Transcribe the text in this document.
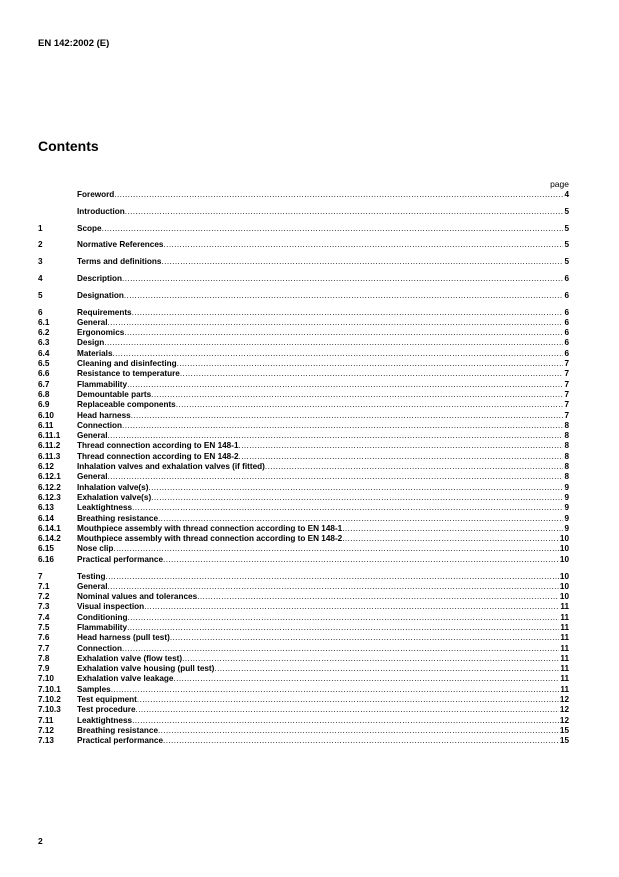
EN 142:2002 (E)
Contents
page
Foreword .....	4
Introduction .....	5
1	Scope .....	5
2	Normative References .....	5
3	Terms and definitions .....	5
4	Description .....	6
5	Designation .....	6
6	Requirements .....	6
6.1	General .....	6
6.2	Ergonomics .....	6
6.3	Design .....	6
6.4	Materials .....	6
6.5	Cleaning and disinfecting .....	7
6.6	Resistance to temperature .....	7
6.7	Flammability .....	7
6.8	Demountable parts .....	7
6.9	Replaceable components .....	7
6.10	Head harness .....	7
6.11	Connection .....	8
6.11.1	General .....	8
6.11.2	Thread connection according to EN 148-1 .....	8
6.11.3	Thread connection according to EN 148-2 .....	8
6.12	Inhalation valves and exhalation valves (if fitted) .....	8
6.12.1	General .....	8
6.12.2	Inhalation valve(s) .....	9
6.12.3	Exhalation valve(s) .....	9
6.13	Leaktightness .....	9
6.14	Breathing resistance .....	9
6.14.1	Mouthpiece assembly with thread connection according to EN 148-1 .....	9
6.14.2	Mouthpiece assembly with thread connection according to EN 148-2 .....	10
6.15	Nose clip .....	10
6.16	Practical performance .....	10
7	Testing .....	10
7.1	General .....	10
7.2	Nominal values and tolerances .....	10
7.3	Visual inspection .....	11
7.4	Conditioning .....	11
7.5	Flammability .....	11
7.6	Head harness (pull test) .....	11
7.7	Connection .....	11
7.8	Exhalation valve (flow test) .....	11
7.9	Exhalation valve housing (pull test) .....	11
7.10	Exhalation valve leakage .....	11
7.10.1	Samples .....	11
7.10.2	Test equipment .....	12
7.10.3	Test procedure .....	12
7.11	Leaktightness .....	12
7.12	Breathing resistance .....	15
7.13	Practical performance .....	15
2
